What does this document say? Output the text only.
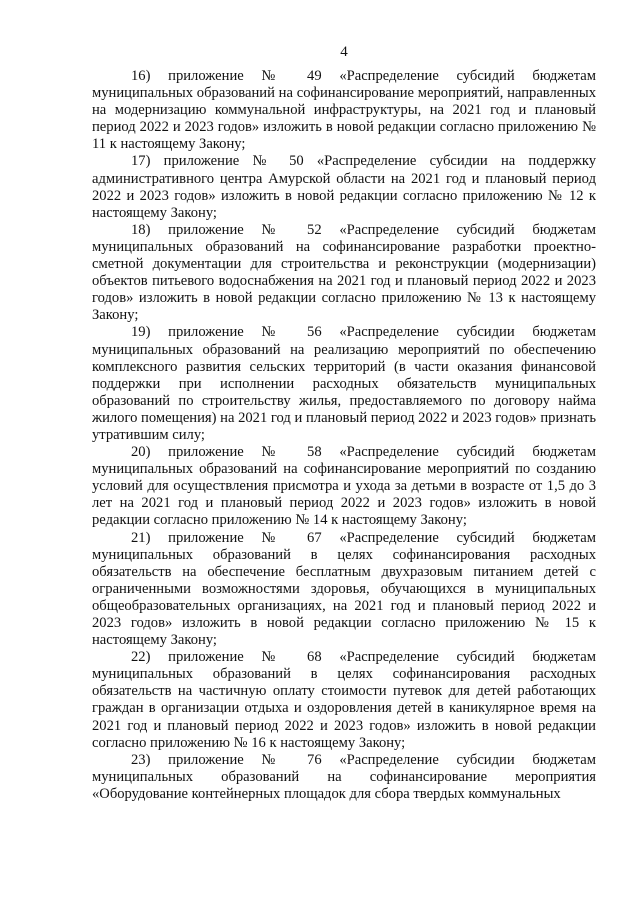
4

16) приложение № 49 «Распределение субсидий бюджетам муниципальных образований на софинансирование мероприятий, направленных на модернизацию коммунальной инфраструктуры, на 2021 год и плановый период 2022 и 2023 годов» изложить в новой редакции согласно приложению № 11 к настоящему Закону;

17) приложение № 50 «Распределение субсидии на поддержку административного центра Амурской области на 2021 год и плановый период 2022 и 2023 годов» изложить в новой редакции согласно приложению № 12 к настоящему Закону;

18) приложение № 52 «Распределение субсидий бюджетам муниципальных образований на софинансирование разработки проектно-сметной документации для строительства и реконструкции (модернизации) объектов питьевого водоснабжения на 2021 год и плановый период 2022 и 2023 годов» изложить в новой редакции согласно приложению № 13 к настоящему Закону;

19) приложение № 56 «Распределение субсидии бюджетам муниципальных образований на реализацию мероприятий по обеспечению комплексного развития сельских территорий (в части оказания финансовой поддержки при исполнении расходных обязательств муниципальных образований по строительству жилья, предоставляемого по договору найма жилого помещения) на 2021 год и плановый период 2022 и 2023 годов» признать утратившим силу;

20) приложение № 58 «Распределение субсидий бюджетам муниципальных образований на софинансирование мероприятий по созданию условий для осуществления присмотра и ухода за детьми в возрасте от 1,5 до 3 лет на 2021 год и плановый период 2022 и 2023 годов» изложить в новой редакции согласно приложению № 14 к настоящему Закону;

21) приложение № 67 «Распределение субсидий бюджетам муниципальных образований в целях софинансирования расходных обязательств на обеспечение бесплатным двухразовым питанием детей с ограниченными возможностями здоровья, обучающихся в муниципальных общеобразовательных организациях, на 2021 год и плановый период 2022 и 2023 годов» изложить в новой редакции согласно приложению № 15 к настоящему Закону;

22) приложение № 68 «Распределение субсидий бюджетам муниципальных образований в целях софинансирования расходных обязательств на частичную оплату стоимости путевок для детей работающих граждан в организации отдыха и оздоровления детей в каникулярное время на 2021 год и плановый период 2022 и 2023 годов» изложить в новой редакции согласно приложению № 16 к настоящему Закону;

23) приложение № 76 «Распределение субсидии бюджетам муниципальных образований на софинансирование мероприятия «Оборудование контейнерных площадок для сбора твердых коммунальных
